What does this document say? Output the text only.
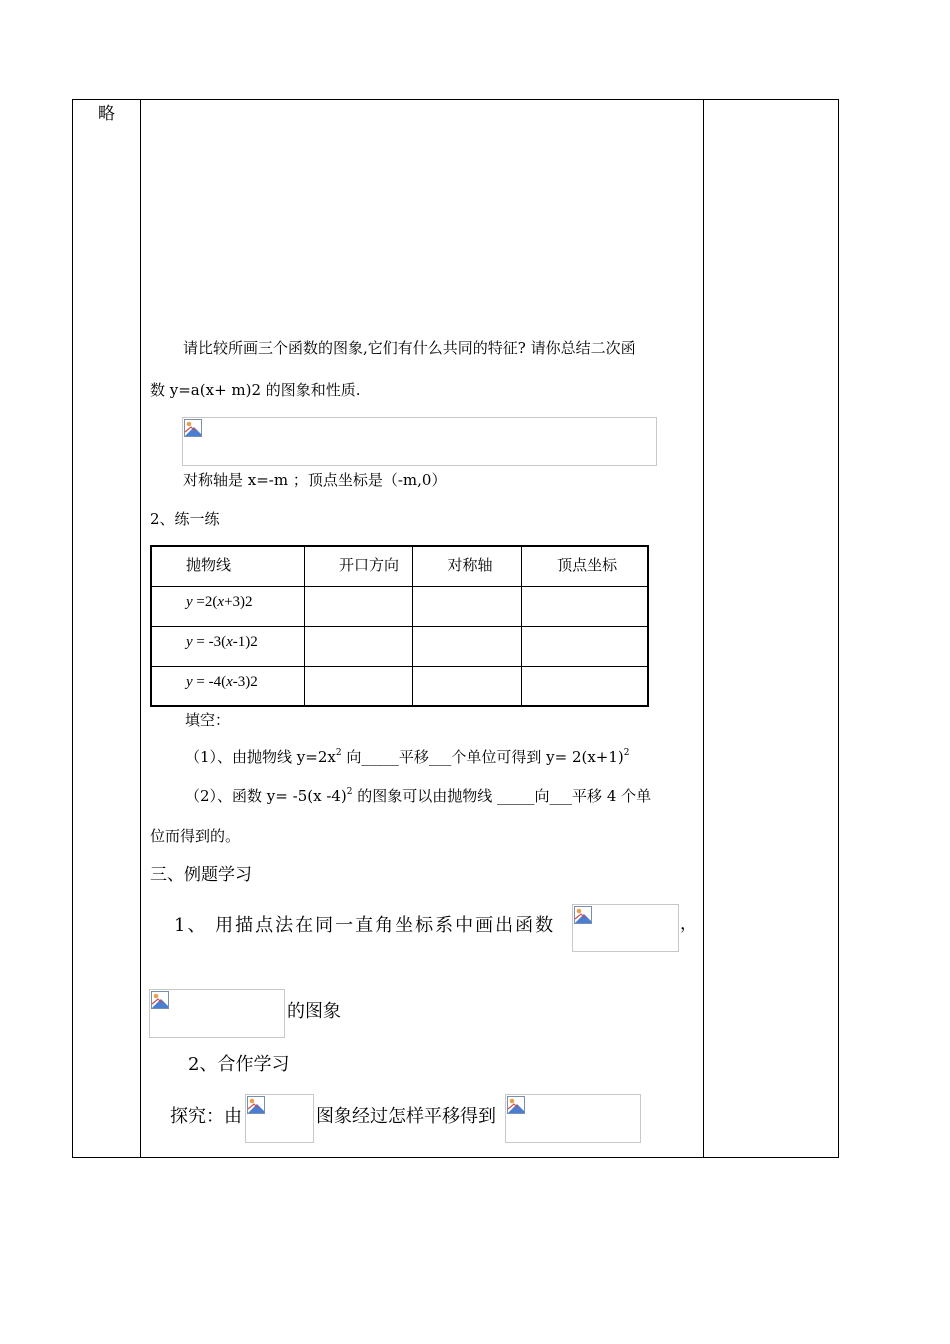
略
请比较所画三个函数的图象,它们有什么共同的特征? 请你总结二次函
数 y=a(x+ m)2 的图象和性质.
对称轴是 x=-m ；顶点坐标是（-m,0）
2、练一练
抛物线	开口方向	对称轴	顶点坐标

y =2(x+3)2			

y = -3(x-1)2			

y = -4(x-3)2			

填空：
（1）、由抛物线 $y=2x^2$ 向_____平移___个单位可得到 $y= 2(x+1)^2$
（2）、函数 y= -5(x -4)$^2$ 的图象可以由抛物线 _____向___平移 4 个单
位而得到的。
三、例题学习
1、 用描点法在同一直角坐标系中画出函数	，
的图象
2、合作学习
探究：由	图象经过怎样平移得到
